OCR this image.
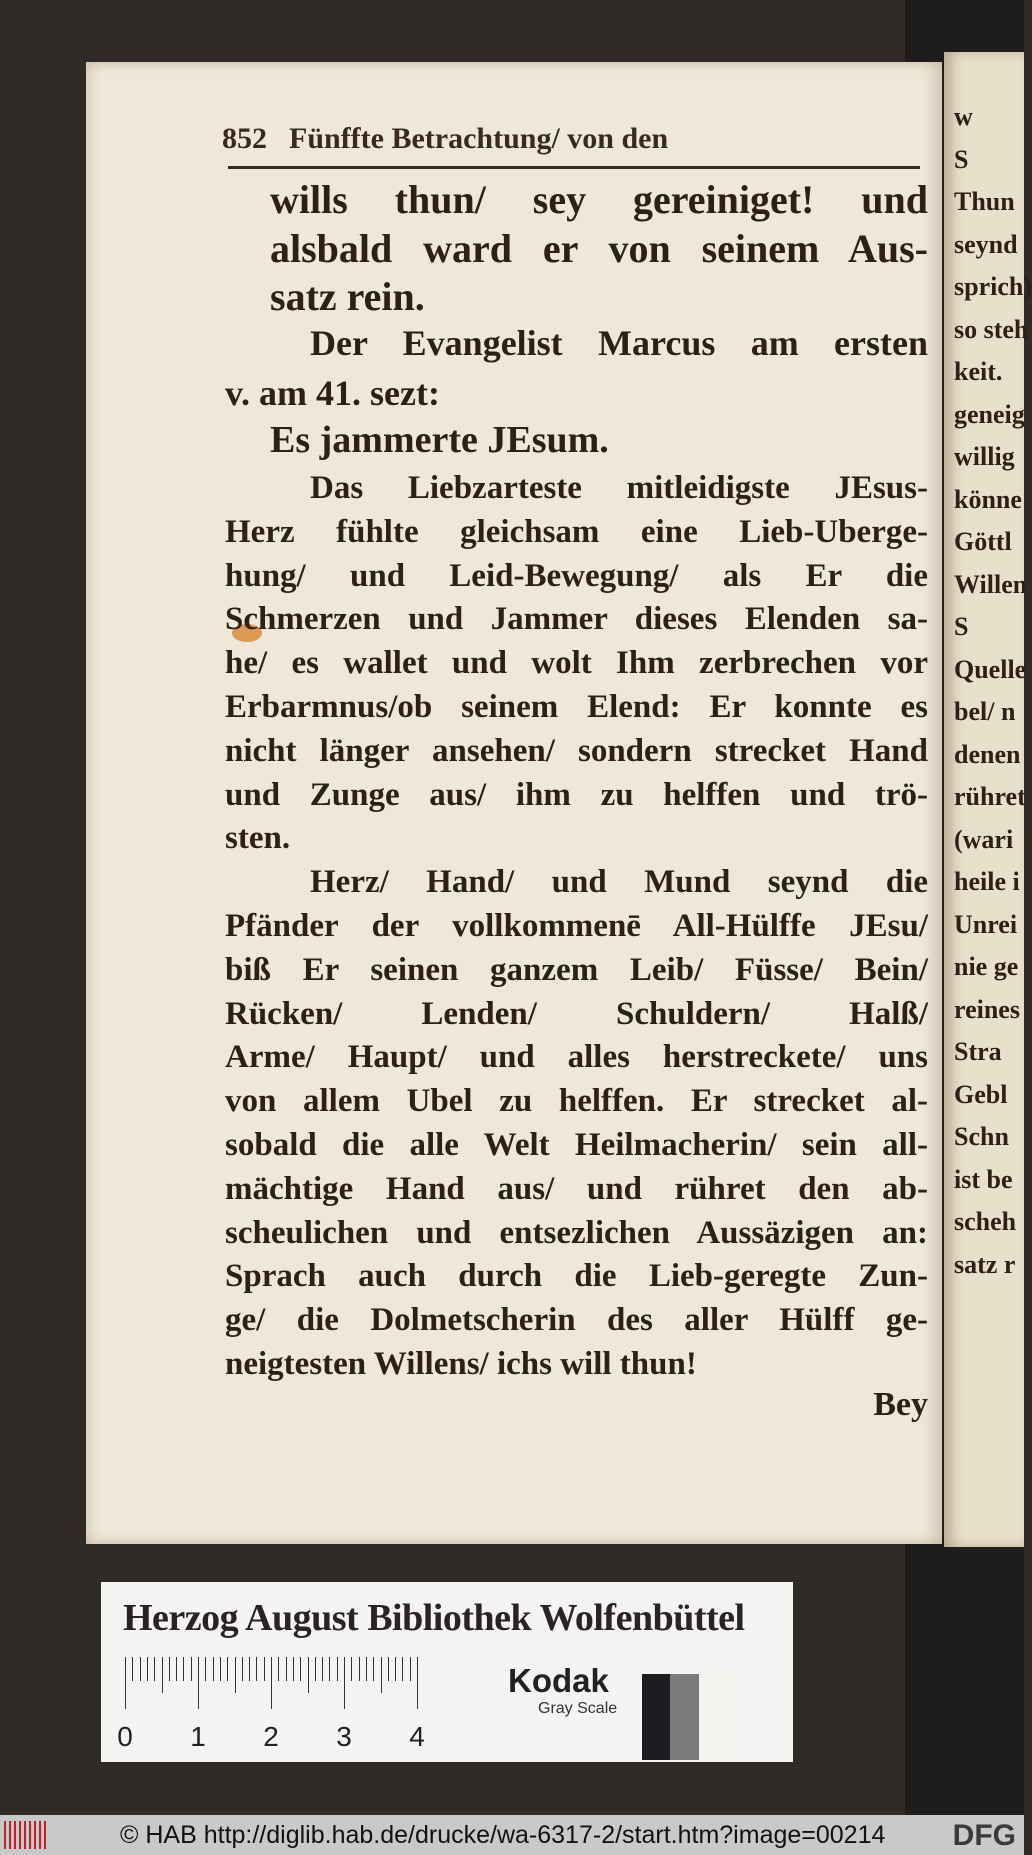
w
S
Thun
seynd
sprich)
so steh
keit.
geneig
willig
könne
Göttl
Willen
S
Quelle
bel/ n
denen
rühret
(wari
heile i
Unrei
nie ge
reines
Stra
Gebl
Schn
ist be
scheh
satz r
852 Fünffte Betrachtung/ von den
wills thun/ sey gereiniget! und
alsbald ward er von seinem Aus-
satz rein.
Der Evangelist Marcus am ersten
v. am 41. sezt:
Es jammerte JEsum.
Das Liebzarteste mitleidigste JEsus-
Herz fühlte gleichsam eine Lieb-Uberge-
hung/ und Leid-Bewegung/ als Er die
Schmerzen und Jammer dieses Elenden sa-
he/ es wallet und wolt Ihm zerbrechen vor
Erbarmnus/ob seinem Elend: Er konnte es
nicht länger ansehen/ sondern strecket Hand
und Zunge aus/ ihm zu helffen und trö-
sten.
Herz/ Hand/ und Mund seynd die
Pfänder der vollkommenē All-Hülffe JEsu/
biß Er seinen ganzem Leib/ Füsse/ Bein/
Rücken/ Lenden/ Schuldern/ Halß/
Arme/ Haupt/ und alles herstreckete/ uns
von allem Ubel zu helffen. Er strecket al-
sobald die alle Welt Heilmacherin/ sein all-
mächtige Hand aus/ und rühret den ab-
scheulichen und entsezlichen Aussäzigen an:
Sprach auch durch die Lieb-geregte Zun-
ge/ die Dolmetscherin des aller Hülff ge-
neigtesten Willens/ ichs will thun!
Bey
Herzog August Bibliothek Wolfenbüttel
0 1 2 3 4
Kodak
Gray Scale
© HAB http://diglib.hab.de/drucke/wa-6317-2/start.htm?image=00214 DFG
